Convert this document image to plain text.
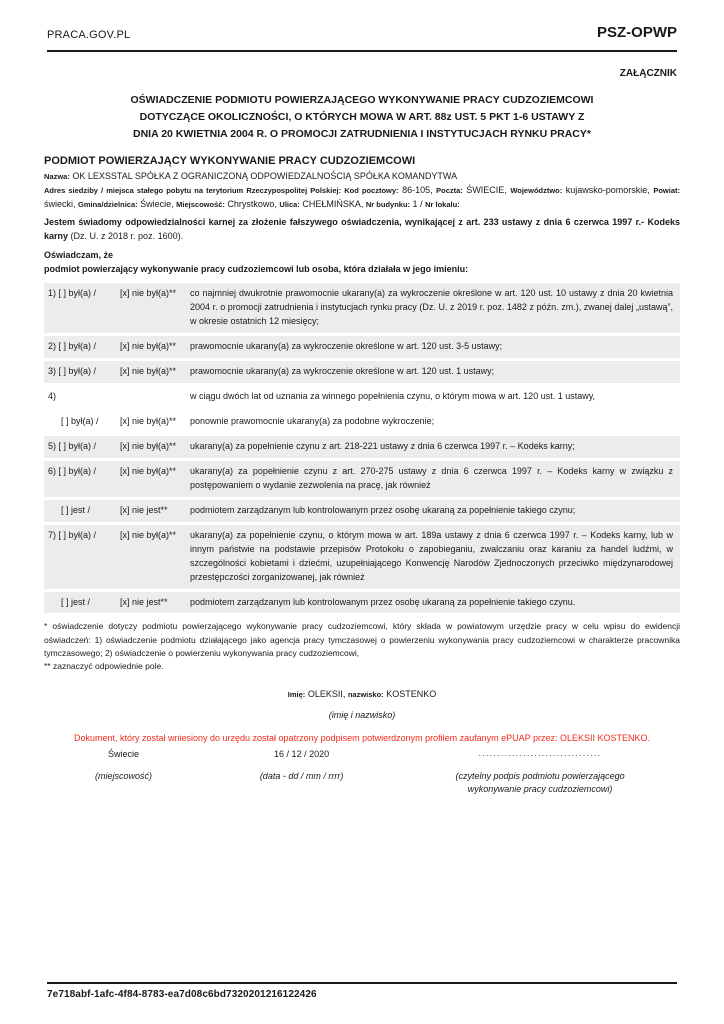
PRACA.GOV.PL	PSZ-OPWP
ZAŁĄCZNIK
OŚWIADCZENIE PODMIOTU POWIERZAJĄCEGO WYKONYWANIE PRACY CUDZOZIEMCOWI
DOTYCZĄCE OKOLICZNOŚCI, O KTÓRYCH MOWA W ART. 88z UST. 5 PKT 1-6 USTAWY Z
DNIA 20 KWIETNIA 2004 R. O PROMOCJI ZATRUDNIENIA I INSTYTUCJACH RYNKU PRACY*
PODMIOT POWIERZAJĄCY WYKONYWANIE PRACY CUDZOZIEMCOWI
Nazwa: OK LEXSSTAL SPÓŁKA Z OGRANICZONĄ ODPOWIEDZALNOŚCIĄ SPÓŁKA KOMANDYTWA
Adres siedziby / miejsca stałego pobytu na terytorium Rzeczypospolitej Polskiej: Kod pocztowy: 86-105, Poczta: ŚWIECIE, Województwo: kujawsko-pomorskie, Powiat: świecki, Gmina/dzielnica: Świecie, Miejscowość: Chrystkowo, Ulica: CHEŁMIŃSKA, Nr budynku: 1 / Nr lokalu:
Jestem świadomy odpowiedzialności karnej za złożenie fałszywego oświadczenia, wynikającej z art. 233 ustawy z dnia 6 czerwca 1997 r.- Kodeks karny (Dz. U. z 2018 r. poz. 1600).
Oświadczam, że
podmiot powierzający wykonywanie pracy cudzoziemcowi lub osoba, która działała w jego imieniu:
1) [ ] był(a) /	[x] nie był(a)**	co najmniej dwukrotnie prawomocnie ukarany(a) za wykroczenie określone w art. 120 ust. 10 ustawy z dnia 20 kwietnia 2004 r. o promocji zatrudnienia i instytucjach rynku pracy (Dz. U. z 2019 r. poz. 1482 z późn. zm.), zwanej dalej „ustawą”, w okresie ostatnich 12 miesięcy;
2) [ ] był(a) /	[x] nie był(a)**	prawomocnie ukarany(a) za wykroczenie określone w art. 120 ust. 3-5 ustawy;
3) [ ] był(a) /	[x] nie był(a)**	prawomocnie ukarany(a) za wykroczenie określone w art. 120 ust. 1 ustawy;
4)	w ciągu dwóch lat od uznania za winnego popełnienia czynu, o którym mowa w art. 120 ust. 1 ustawy,
[ ] był(a) /	[x] nie był(a)**	ponownie prawomocnie ukarany(a) za podobne wykroczenie;
5) [ ] był(a) /	[x] nie był(a)**	ukarany(a) za popełnienie czynu z art. 218-221 ustawy z dnia 6 czerwca 1997 r. – Kodeks karny;
6) [ ] był(a) /	[x] nie był(a)**	ukarany(a) za popełnienie czynu z art. 270-275 ustawy z dnia 6 czerwca 1997 r. – Kodeks karny w związku z postępowaniem o wydanie zezwolenia na pracę, jak również
[ ] jest /	[x] nie jest**	podmiotem zarządzanym lub kontrolowanym przez osobę ukaraną za popełnienie takiego czynu;
7) [ ] był(a) /	[x] nie był(a)**	ukarany(a) za popełnienie czynu, o którym mowa w art. 189a ustawy z dnia 6 czerwca 1997 r. – Kodeks karny, lub w innym państwie na podstawie przepisów Protokołu o zapobieganiu, zwalczaniu oraz karaniu za handel ludźmi, w szczególności kobietami i dziećmi, uzupełniającego Konwencję Narodów Zjednoczonych przeciwko międzynarodowej przestępczości zorganizowanej, jak również
[ ] jest /	[x] nie jest**	podmiotem zarządzanym lub kontrolowanym przez osobę ukaraną za popełnienie takiego czynu.
* oświadczenie dotyczy podmiotu powierzającego wykonywanie pracy cudzoziemcowi, który składa w powiatowym urzędzie pracy w celu wpisu do ewidencji oświadczeń: 1) oświadczenie podmiotu działającego jako agencja pracy tymczasowej o powierzeniu wykonywania pracy cudzoziemcowi w charakterze pracownika tymczasowego; 2) oświadczenie o powierzeniu wykonywania pracy cudzoziemcowi,
** zaznaczyć odpowiednie pole.
Imię: OLEKSII, nazwisko: KOSTENKO
(imię i nazwisko)
Dokument, który został wniesiony do urzędu został opatrzony podpisem potwierdzonym profilem zaufanym ePUAP przez: OLEKSII KOSTENKO.
Świecie
(miejscowość)
16 / 12 / 2020
(data - dd / mm / rrrr)
.................................
(czytelny podpis podmiotu powierzającego
wykonywanie pracy cudzoziemcowi)
7e718abf-1afc-4f84-8783-ea7d08c6bd7320201216122426
